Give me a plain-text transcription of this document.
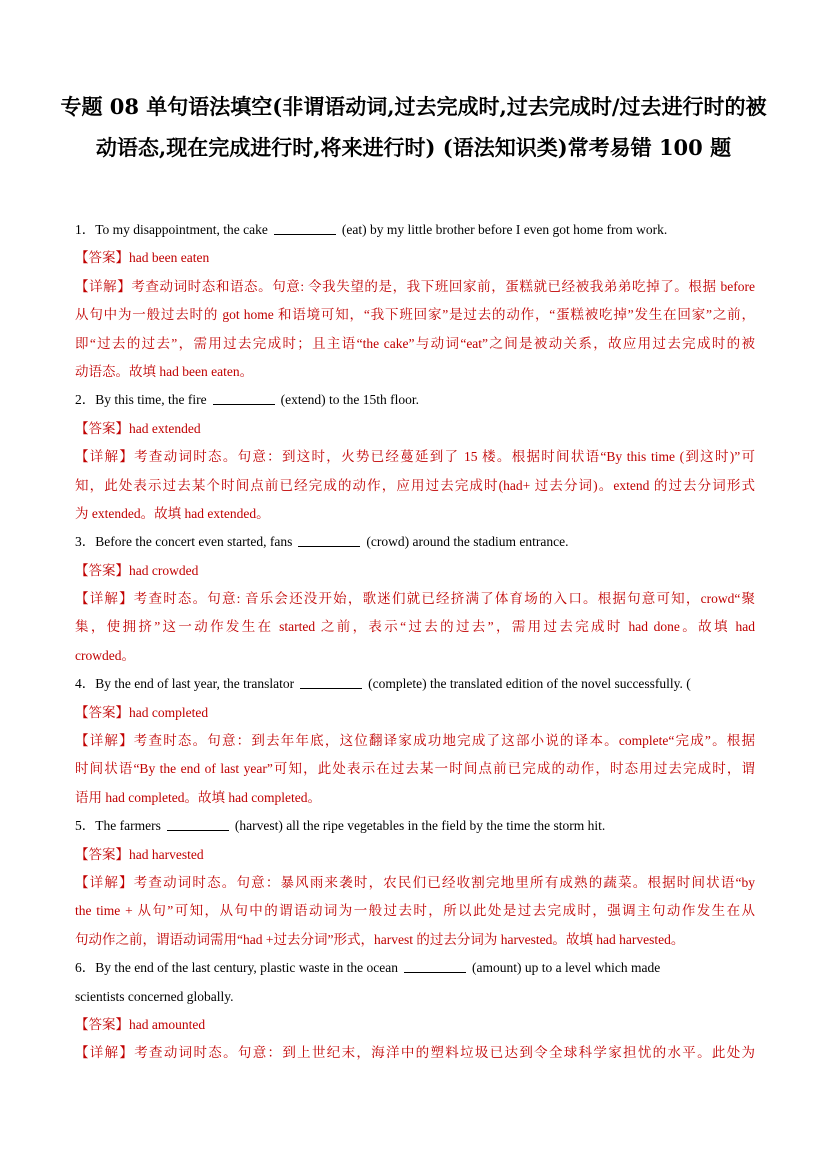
专题 08 单句语法填空(非谓语动词,过去完成时,过去完成时/过去进行时的被动语态,现在完成进行时,将来进行时) (语法知识类)常考易错 100 题
1．To my disappointment, the cake	(eat) by my little brother before I even got home from work.
【答案】had been eaten
【详解】考查动词时态和语态。句意: 令我失望的是，我下班回家前，蛋糕就已经被我弟弟吃掉了。根据 before
从句中为一般过去时的 got home 和语境可知，“我下班回家”是过去的动作，“蛋糕被吃掉”发生在回家”之前，
即“过去的过去”，需用过去完成时；且主语“the cake”与动词“eat”之间是被动关系，故应用过去完成时的被
动语态。故填 had been eaten。
2．By this time, the fire	(extend) to the 15th floor.
【答案】had extended
【详解】考查动词时态。句意：到这时，火势已经蔓延到了 15 楼。根据时间状语“By this time (到这时)”可
知，此处表示过去某个时间点前已经完成的动作，应用过去完成时(had+ 过去分词)。extend 的过去分词形式
为 extended。故填 had extended。
3．Before the concert even started, fans	(crowd) around the stadium entrance.
【答案】had crowded
【详解】考查时态。句意: 音乐会还没开始，歌迷们就已经挤满了体育场的入口。根据句意可知，crowd“聚
集，使拥挤”这一动作发生在 started 之前，表示“过去的过去”，需用过去完成时 had done。故填 had
crowded。
4．By the end of last year, the translator	(complete) the translated edition of the novel successfully. (
【答案】had completed
【详解】考查时态。句意：到去年年底，这位翻译家成功地完成了这部小说的译本。complete“完成”。根据
时间状语“By the end of last year”可知，此处表示在过去某一时间点前已完成的动作，时态用过去完成时，谓
语用 had completed。故填 had completed。
5．The farmers	(harvest) all the ripe vegetables in the field by the time the storm hit.
【答案】had harvested
【详解】考查动词时态。句意：暴风雨来袭时，农民们已经收割完地里所有成熟的蔬菜。根据时间状语“by
the time + 从句”可知，从句中的谓语动词为一般过去时，所以此处是过去完成时，强调主句动作发生在从
句动作之前，谓语动词需用“had +过去分词”形式，harvest 的过去分词为 harvested。故填 had harvested。
6．By the end of the last century, plastic waste in the ocean	(amount) up to a level which made
scientists concerned globally.
【答案】had amounted
【详解】考查动词时态。句意：到上世纪末，海洋中的塑料垃圾已达到令全球科学家担忧的水平。此处为
